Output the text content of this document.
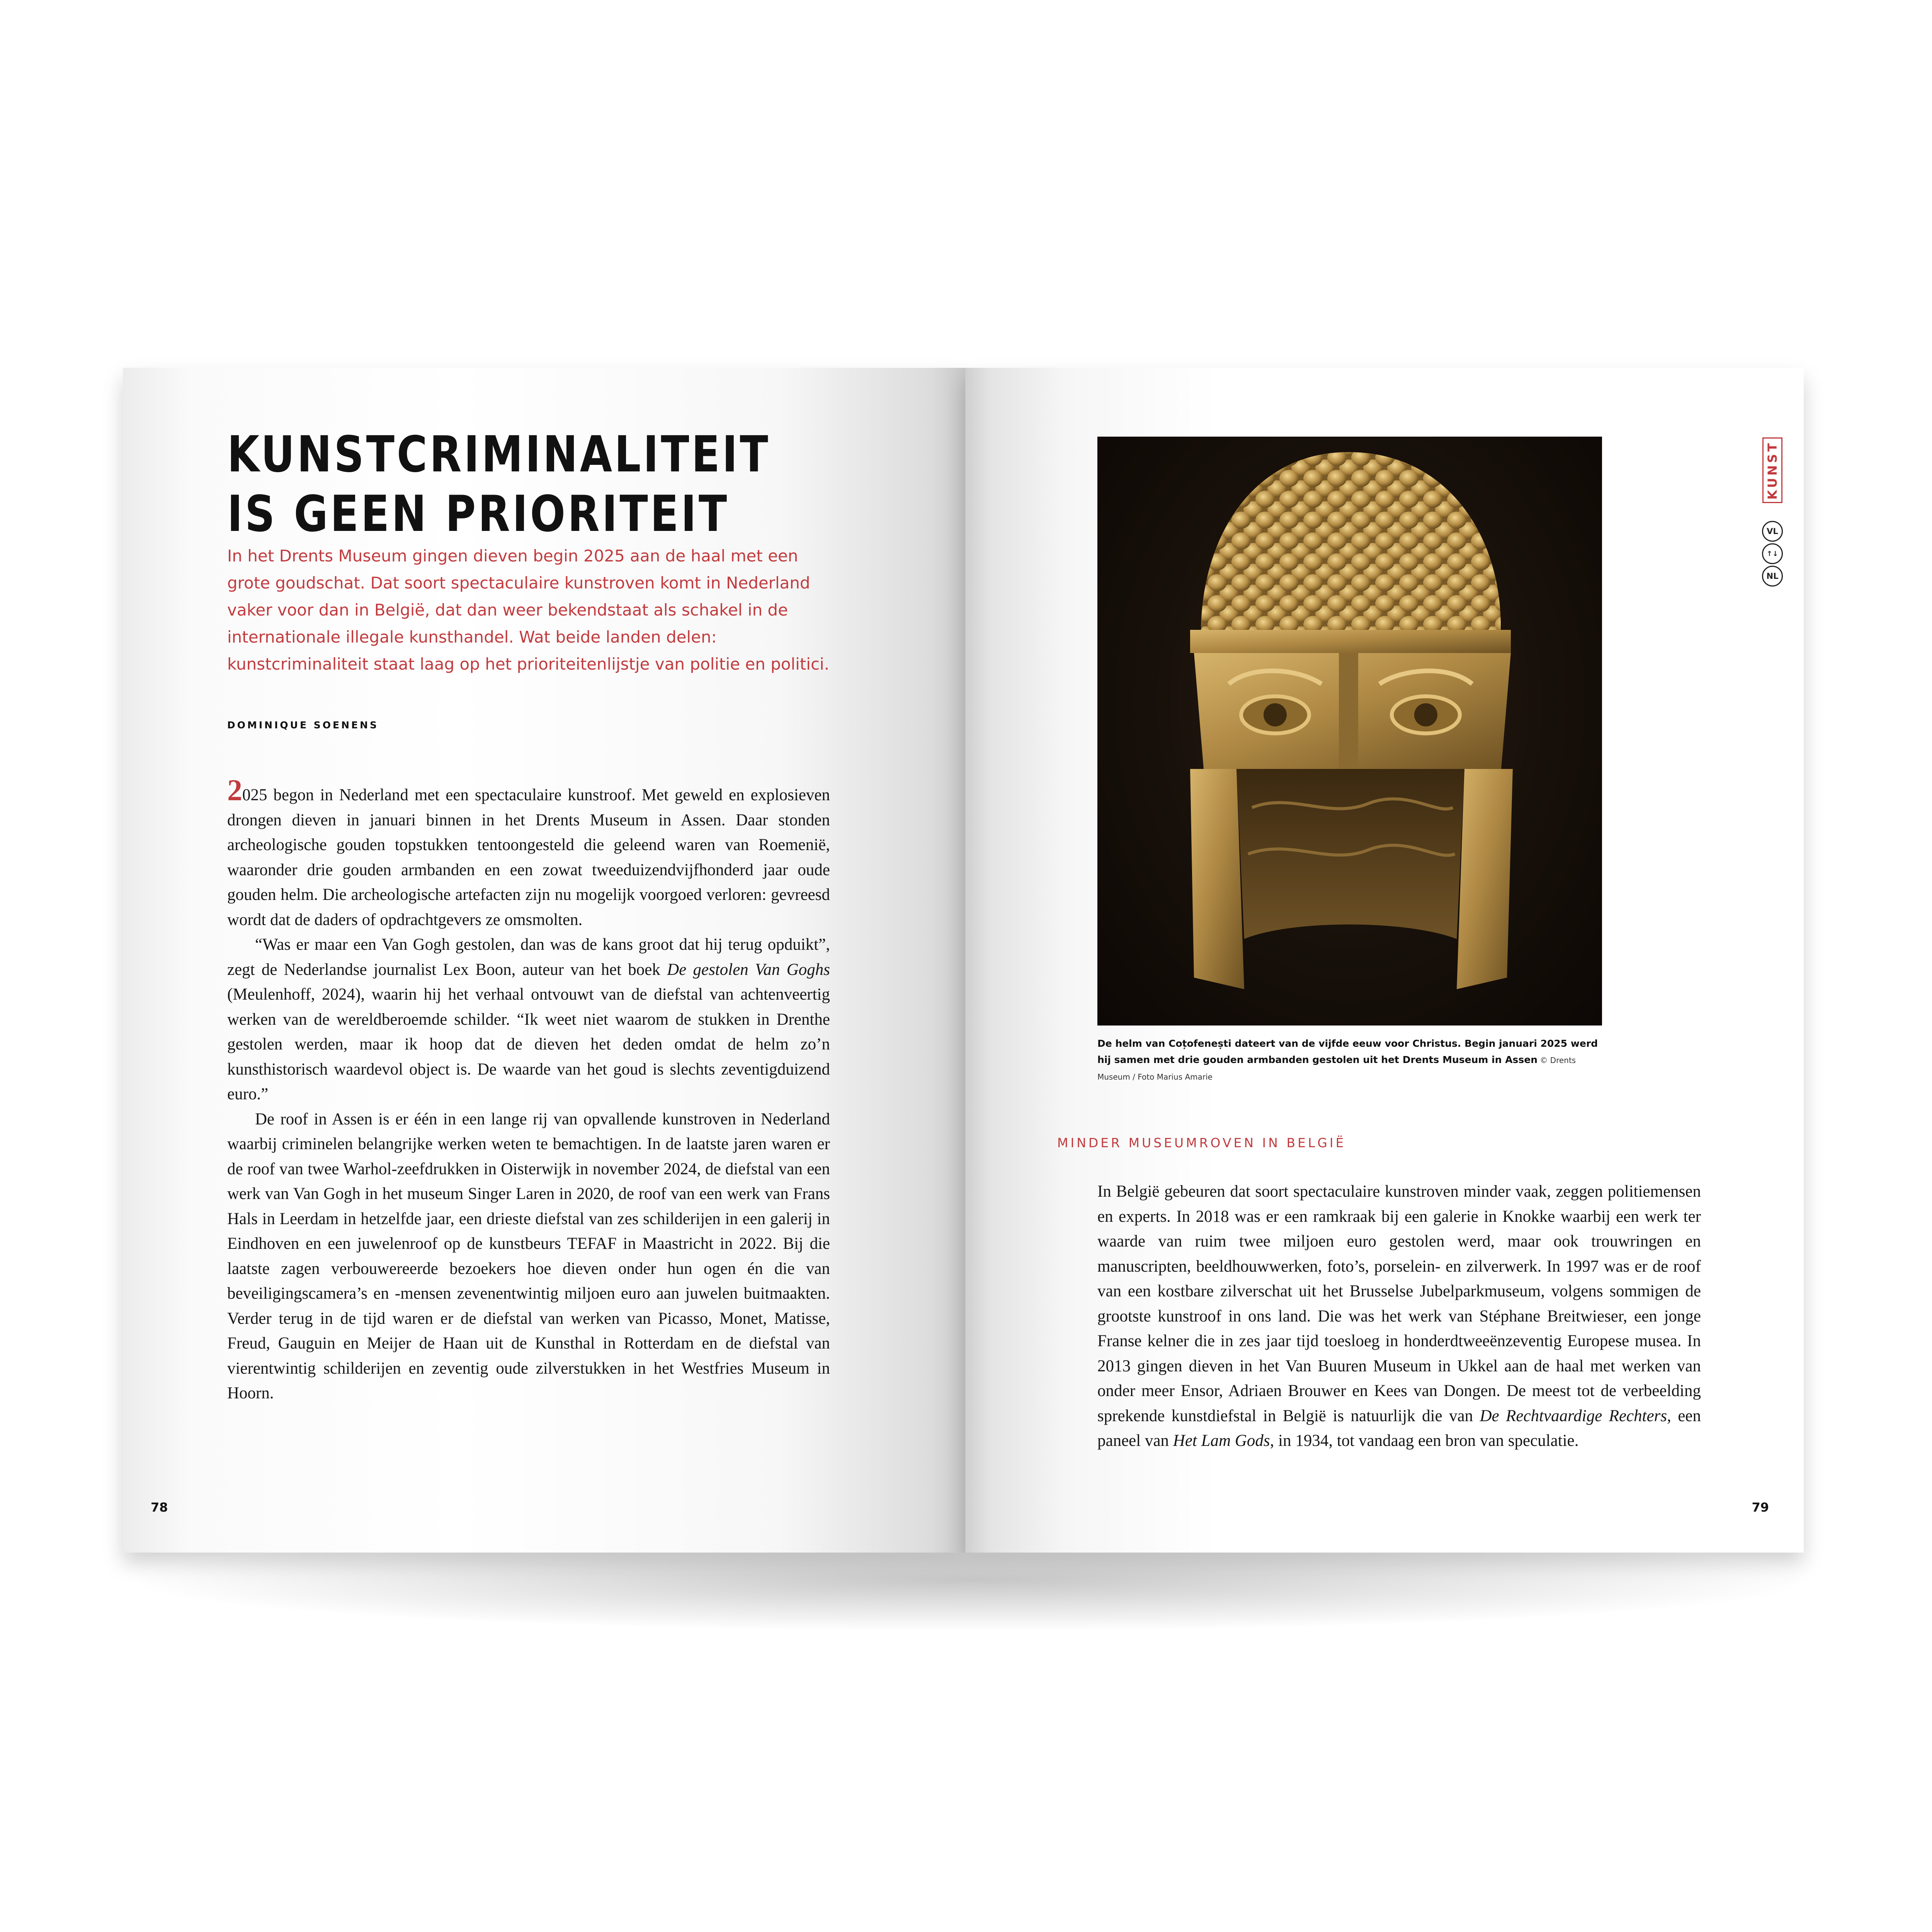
KUNSTCRIMINALITEIT
IS GEEN PRIORITEIT

In het Drents Museum gingen dieven begin 2025 aan de haal met een grote goudschat. Dat soort spectaculaire kunstroven komt in Nederland vaker voor dan in België, dat dan weer bekendstaat als schakel in de internationale illegale kunsthandel. Wat beide landen delen: kunstcriminaliteit staat laag op het prioriteitenlijstje van politie en politici.

DOMINIQUE SOENENS

2025 begon in Nederland met een spectaculaire kunstroof. Met geweld en explosieven drongen dieven in januari binnen in het Drents Museum in Assen. Daar stonden archeologische gouden topstukken tentoongesteld die geleend waren van Roemenië, waaronder drie gouden armbanden en een zowat tweeduizendvijfhonderd jaar oude gouden helm. Die archeologische artefacten zijn nu mogelijk voorgoed verloren: gevreesd wordt dat de daders of opdrachtgevers ze omsmolten.

“Was er maar een Van Gogh gestolen, dan was de kans groot dat hij terug opduikt”, zegt de Nederlandse journalist Lex Boon, auteur van het boek De gestolen Van Goghs (Meulenhoff, 2024), waarin hij het verhaal ontvouwt van de diefstal van achtenveertig werken van de wereldberoemde schilder. “Ik weet niet waarom de stukken in Drenthe gestolen werden, maar ik hoop dat de dieven het deden omdat de helm zo’n kunsthistorisch waardevol object is. De waarde van het goud is slechts zeventigduizend euro.”

De roof in Assen is er één in een lange rij van opvallende kunstroven in Nederland waarbij criminelen belangrijke werken weten te bemachtigen. In de laatste jaren waren er de roof van twee Warhol-zeefdrukken in Oisterwijk in november 2024, de diefstal van een werk van Van Gogh in het museum Singer Laren in 2020, de roof van een werk van Frans Hals in Leerdam in hetzelfde jaar, een drieste diefstal van zes schilderijen in een galerij in Eindhoven en een juwelenroof op de kunstbeurs TEFAF in Maastricht in 2022. Bij die laatste zagen verbouwereerde bezoekers hoe dieven onder hun ogen én die van beveiligingscamera’s en -mensen zevenentwintig miljoen euro aan juwelen buitmaakten. Verder terug in de tijd waren er de diefstal van werken van Picasso, Monet, Matisse, Freud, Gauguin en Meijer de Haan uit de Kunsthal in Rotterdam en de diefstal van vierentwintig schilderijen en zeventig oude zilverstukken in het Westfries Museum in Hoorn.

78

De helm van Coțofenești dateert van de vijfde eeuw voor Christus. Begin januari 2025 werd hij samen met drie gouden armbanden gestolen uit het Drents Museum in Assen © Drents Museum / Foto Marius Amarie

MINDER MUSEUMROVEN IN BELGIË

In België gebeuren dat soort spectaculaire kunstroven minder vaak, zeggen politiemensen en experts. In 2018 was er een ramkraak bij een galerie in Knokke waarbij een werk ter waarde van ruim twee miljoen euro gestolen werd, maar ook trouwringen en manuscripten, beeldhouwwerken, foto’s, porselein- en zilverwerk. In 1997 was er de roof van een kostbare zilverschat uit het Brusselse Jubelparkmuseum, volgens sommigen de grootste kunstroof in ons land. Die was het werk van Stéphane Breitwieser, een jonge Franse kelner die in zes jaar tijd toesloeg in honderdtweeënzeventig Europese musea. In 2013 gingen dieven in het Van Buuren Museum in Ukkel aan de haal met werken van onder meer Ensor, Adriaen Brouwer en Kees van Dongen. De meest tot de verbeelding sprekende kunstdiefstal in België is natuurlijk die van De Rechtvaardige Rechters, een paneel van Het Lam Gods, in 1934, tot vandaag een bron van speculatie.

KUNST
VL
↑↓
NL

79
